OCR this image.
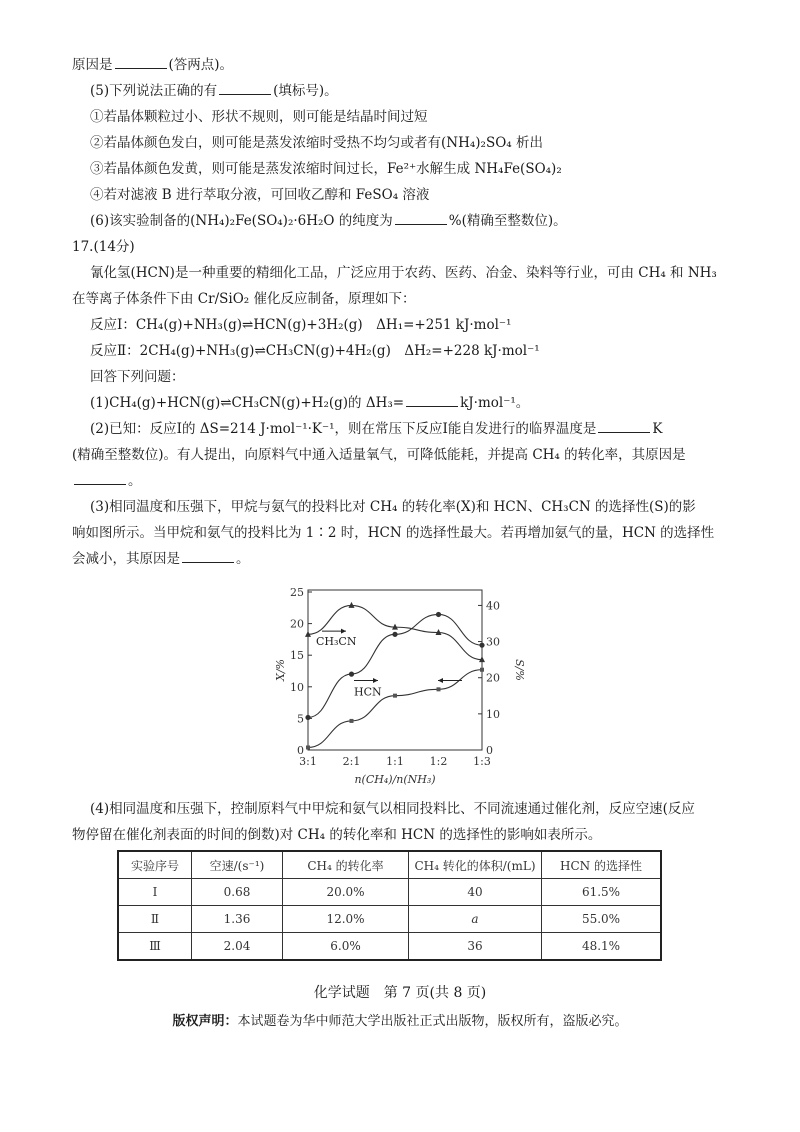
原因是	(答两点)。
(5)下列说法正确的有	(填标号)。
①若晶体颗粒过小、形状不规则，则可能是结晶时间过短
②若晶体颜色发白，则可能是蒸发浓缩时受热不均匀或者有(NH₄)₂SO₄ 析出
③若晶体颜色发黄，则可能是蒸发浓缩时间过长，Fe²⁺水解生成 NH₄Fe(SO₄)₂
④若对滤液 B 进行萃取分液，可回收乙醇和 FeSO₄ 溶液
(6)该实验制备的(NH₄)₂Fe(SO₄)₂·6H₂O 的纯度为	%(精确至整数位)。
17.(14分)
氰化氢(HCN)是一种重要的精细化工品，广泛应用于农药、医药、冶金、染料等行业，可由 CH₄ 和 NH₃
在等离子体条件下由 Cr/SiO₂ 催化反应制备，原理如下：
反应Ⅰ：CH₄(g)+NH₃(g)⇌HCN(g)+3H₂(g)　ΔH₁=+251 kJ·mol⁻¹
反应Ⅱ：2CH₄(g)+NH₃(g)⇌CH₃CN(g)+4H₂(g)　ΔH₂=+228 kJ·mol⁻¹
回答下列问题：
(1)CH₄(g)+HCN(g)⇌CH₃CN(g)+H₂(g)的 ΔH₃=	kJ·mol⁻¹。
(2)已知：反应Ⅰ的 ΔS=214 J·mol⁻¹·K⁻¹，则在常压下反应Ⅰ能自发进行的临界温度是	K
(精确至整数位)。有人提出，向原料气中通入适量氧气，可降低能耗，并提高 CH₄ 的转化率，其原因是
。
(3)相同温度和压强下，甲烷与氨气的投料比对 CH₄ 的转化率(X)和 HCN、CH₃CN 的选择性(S)的影
响如图所示。当甲烷和氨气的投料比为 1∶2 时，HCN 的选择性最大。若再增加氨气的量，HCN 的选择性
会减小，其原因是	。
0
5
10
15
20
25
0
10
20
30
40
3:1 2:1 1:1 1:2 1:3
n(CH₄)/n(NH₃)
X/%	S/%
CH₃CN
HCN
(4)相同温度和压强下，控制原料气中甲烷和氨气以相同投料比、不同流速通过催化剂，反应空速(反应
物停留在催化剂表面的时间的倒数)对 CH₄ 的转化率和 HCN 的选择性的影响如表所示。
实验序号	空速/(s⁻¹)	CH₄ 的转化率	CH₄ 转化的体积/(mL)	HCN 的选择性
Ⅰ	0.68	20.0%	40	61.5%
Ⅱ	1.36	12.0%	a	55.0%
Ⅲ	2.04	6.0%	36	48.1%
化学试题　第 7 页(共 8 页)
版权声明：本试题卷为华中师范大学出版社正式出版物，版权所有，盗版必究。
